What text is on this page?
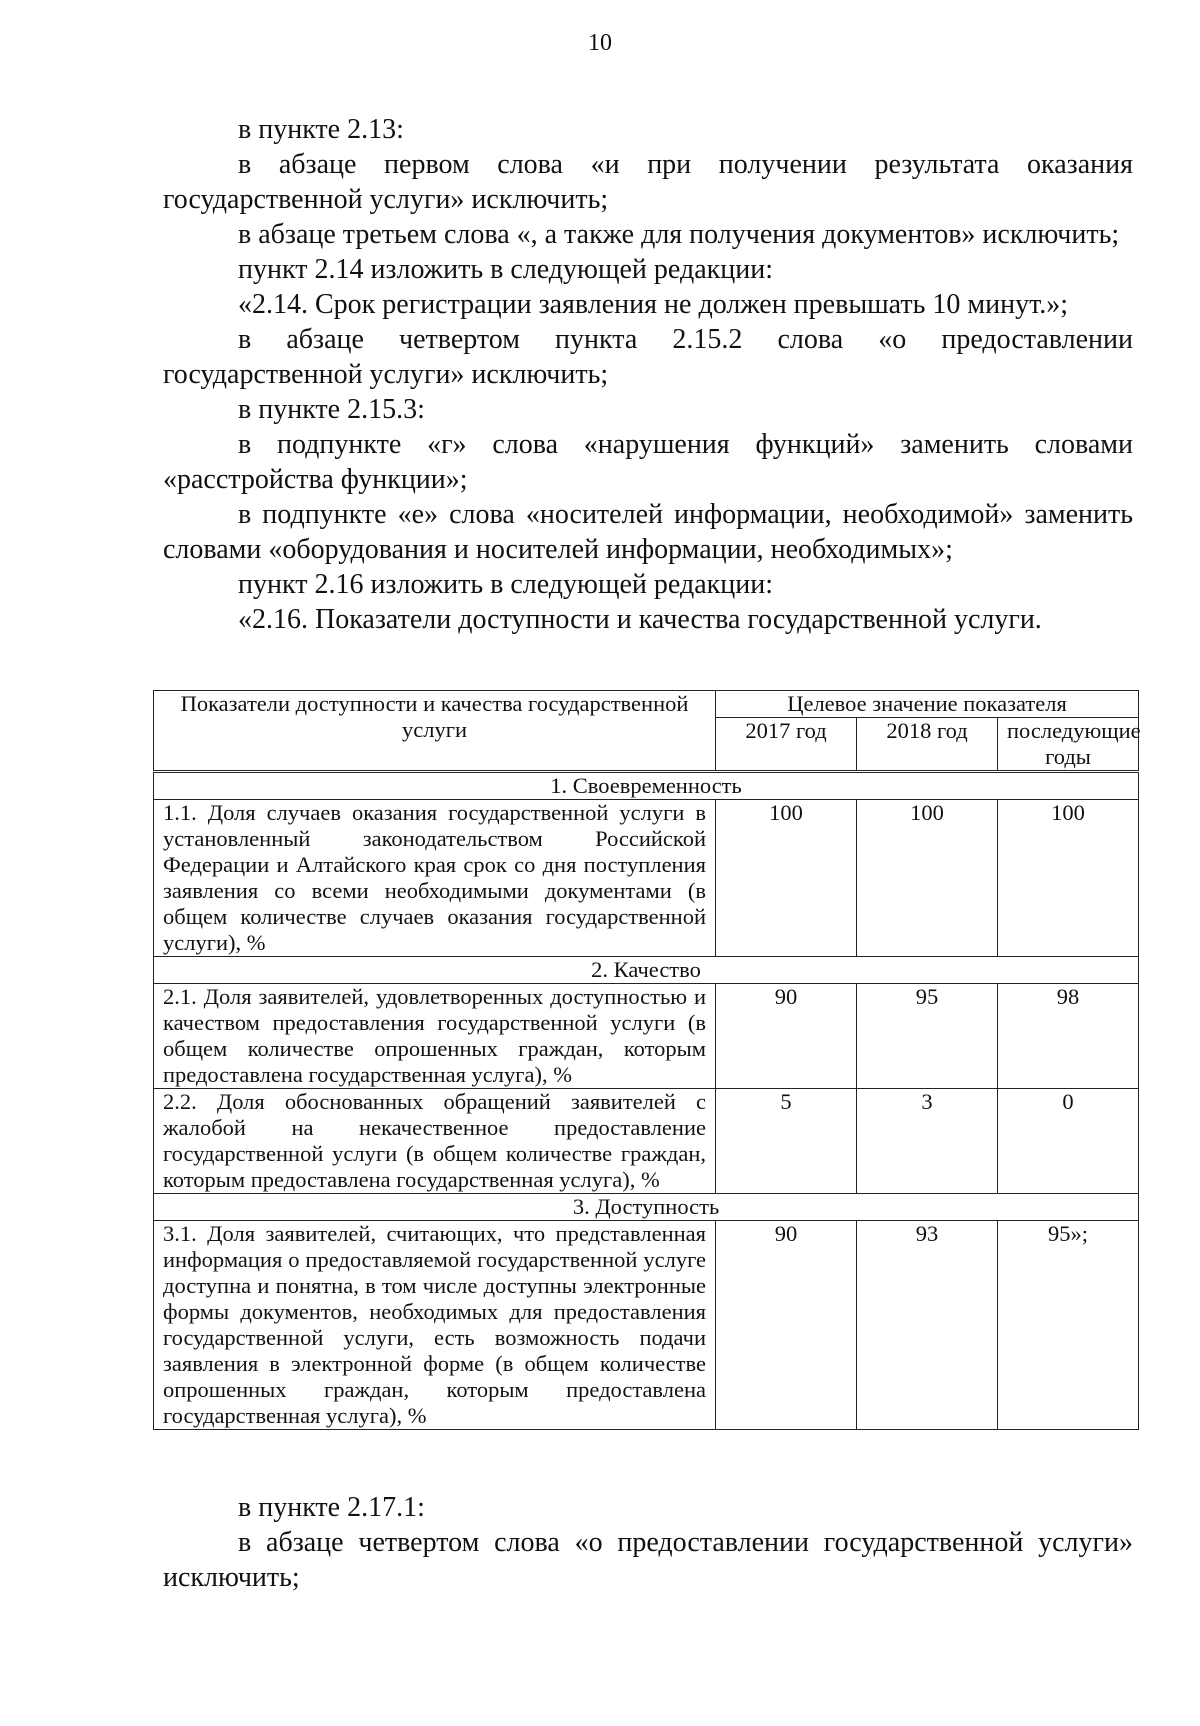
10

в пункте 2.13:

в абзаце первом слова «и при получении результата оказания государственной услуги» исключить;

в абзаце третьем слова «, а также для получения документов» исключить;

пункт 2.14 изложить в следующей редакции:

«2.14. Срок регистрации заявления не должен превышать 10 минут.»;

в абзаце четвертом пункта 2.15.2 слова «о предоставлении государственной услуги» исключить;

в пункте 2.15.3:

в подпункте «г» слова «нарушения функций» заменить словами «расстройства функции»;

в подпункте «е» слова «носителей информации, необходимой» заменить словами «оборудования и носителей информации, необходимых»;

пункт 2.16 изложить в следующей редакции:

«2.16. Показатели доступности и качества государственной услуги.

Показатели доступности и качества государственной услуги	Целевое значение показателя		
	2017 год	2018 год	последующие годы
1. Своевременность			
1.1. Доля случаев оказания государственной услуги в установленный законодательством Российской Федерации и Алтайского края срок со дня поступления заявления со всеми необходимыми документами (в общем количестве случаев оказания государственной услуги), %	100	100	100
2. Качество			
2.1. Доля заявителей, удовлетворенных доступностью и качеством предоставления государственной услуги (в общем количестве опрошенных граждан, которым предоставлена государственная услуга), %	90	95	98
2.2. Доля обоснованных обращений заявителей с жалобой на некачественное предоставление государственной услуги (в общем количестве граждан, которым предоставлена государственная услуга), %	5	3	0
3. Доступность			
3.1. Доля заявителей, считающих, что представленная информация о предоставляемой государственной услуге доступна и понятна, в том числе доступны электронные формы документов, необходимых для предоставления государственной услуги, есть возможность подачи заявления в электронной форме (в общем количестве опрошенных граждан, которым предоставлена государственная услуга), %	90	93	95»;

в пункте 2.17.1:

в абзаце четвертом слова «о предоставлении государственной услуги» исключить;
